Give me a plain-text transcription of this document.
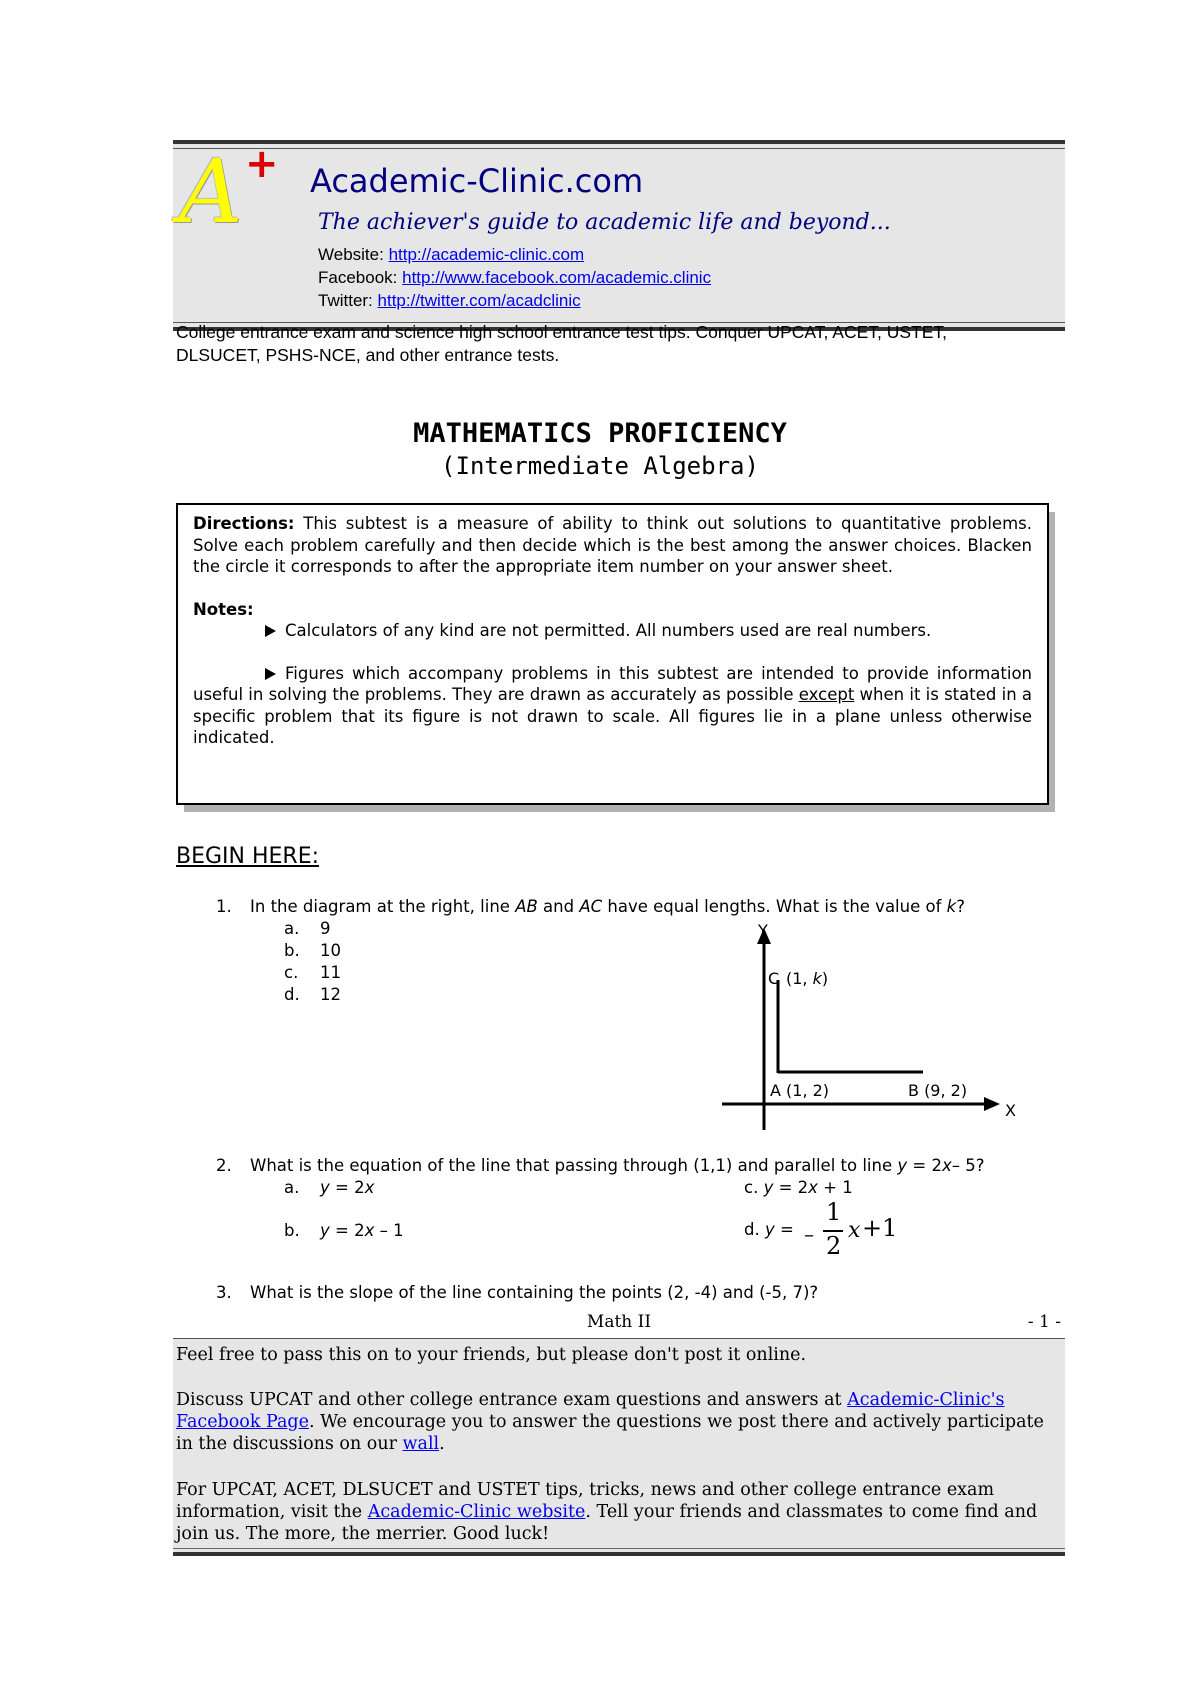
A + Academic-Clinic.com
The achiever's guide to academic life and beyond...
Website: http://academic-clinic.com
Facebook: http://www.facebook.com/academic.clinic
Twitter: http://twitter.com/acadclinic
College entrance exam and science high school entrance test tips. Conquer UPCAT, ACET, USTET,
DLSUCET, PSHS-NCE, and other entrance tests.
MATHEMATICS PROFICIENCY
(Intermediate Algebra)

Directions: This subtest is a measure of ability to think out solutions to quantitative problems. Solve each problem carefully and then decide which is the best among the answer choices. Blacken the circle it corresponds to after the appropriate item number on your answer sheet.

Notes:

Calculators of any kind are not permitted. All numbers used are real numbers.

Figures which accompany problems in this subtest are intended to provide information useful in solving the problems. They are drawn as accurately as possible except when it is stated in a specific problem that its figure is not drawn to scale. All figures lie in a plane unless otherwise indicated.

BEGIN HERE:
1. In the diagram at the right, line AB and AC have equal lengths. What is the value of k?
a. 9
b. 10
c. 11
d. 12
Y
X
C (1, k)
A (1, 2)	B (9, 2)
2. What is the equation of the line that passing through (1,1) and parallel to line y = 2x– 5?
a. y = 2x
b. y = 2x – 1
c. y = 2x + 1
d. y = –
1
2
x +1
3. What is the slope of the line containing the points (2, -4) and (-5, 7)?
Math II	- 1 -

Feel free to pass this on to your friends, but please don't post it online.

Discuss UPCAT and other college entrance exam questions and answers at Academic-Clinic's Facebook Page. We encourage you to answer the questions we post there and actively participate in the discussions on our wall.

For UPCAT, ACET, DLSUCET and USTET tips, tricks, news and other college entrance exam information, visit the Academic-Clinic website. Tell your friends and classmates to come find and join us. The more, the merrier. Good luck!
